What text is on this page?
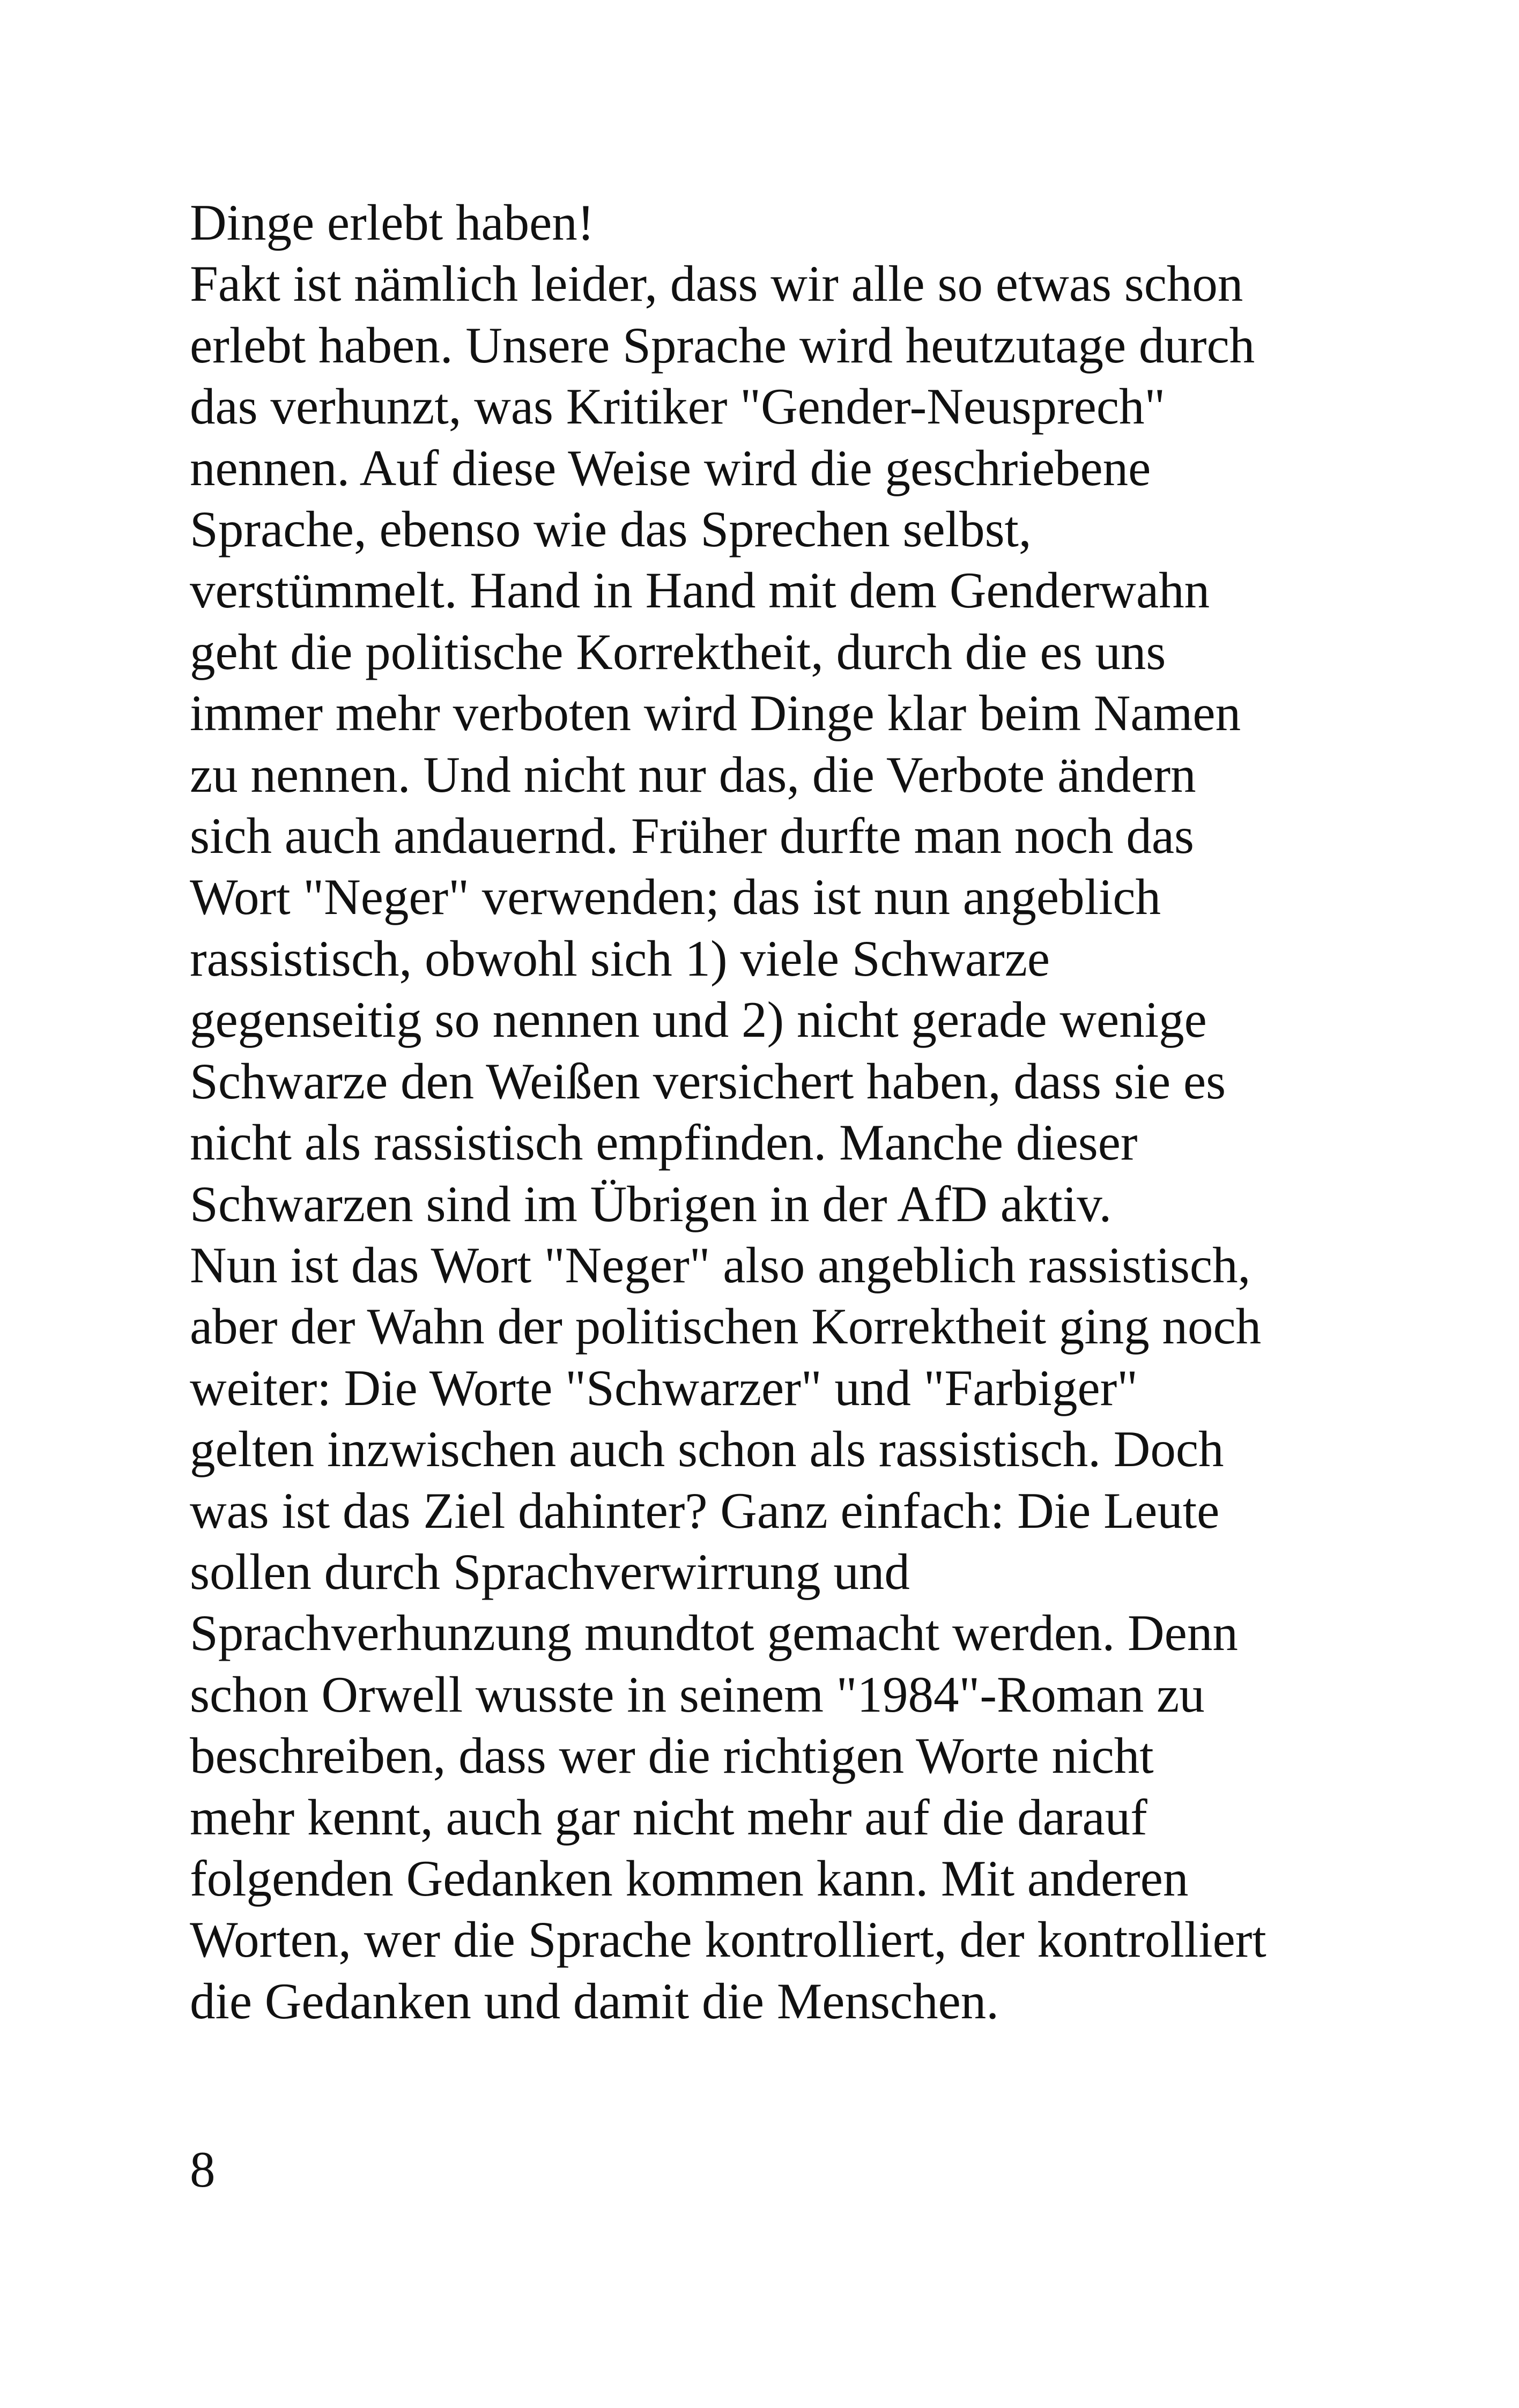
Dinge erlebt haben!
Fakt ist nämlich leider, dass wir alle so etwas schon
erlebt haben. Unsere Sprache wird heutzutage durch
das verhunzt, was Kritiker "Gender-Neusprech"
nennen. Auf diese Weise wird die geschriebene
Sprache, ebenso wie das Sprechen selbst,
verstümmelt. Hand in Hand mit dem Genderwahn
geht die politische Korrektheit, durch die es uns
immer mehr verboten wird Dinge klar beim Namen
zu nennen. Und nicht nur das, die Verbote ändern
sich auch andauernd. Früher durfte man noch das
Wort "Neger" verwenden; das ist nun angeblich
rassistisch, obwohl sich 1) viele Schwarze
gegenseitig so nennen und 2) nicht gerade wenige
Schwarze den Weißen versichert haben, dass sie es
nicht als rassistisch empfinden. Manche dieser
Schwarzen sind im Übrigen in der AfD aktiv.
Nun ist das Wort "Neger" also angeblich rassistisch,
aber der Wahn der politischen Korrektheit ging noch
weiter: Die Worte "Schwarzer" und "Farbiger"
gelten inzwischen auch schon als rassistisch. Doch
was ist das Ziel dahinter? Ganz einfach: Die Leute
sollen durch Sprachverwirrung und
Sprachverhunzung mundtot gemacht werden. Denn
schon Orwell wusste in seinem "1984"-Roman zu
beschreiben, dass wer die richtigen Worte nicht
mehr kennt, auch gar nicht mehr auf die darauf
folgenden Gedanken kommen kann. Mit anderen
Worten, wer die Sprache kontrolliert, der kontrolliert
die Gedanken und damit die Menschen.
8
